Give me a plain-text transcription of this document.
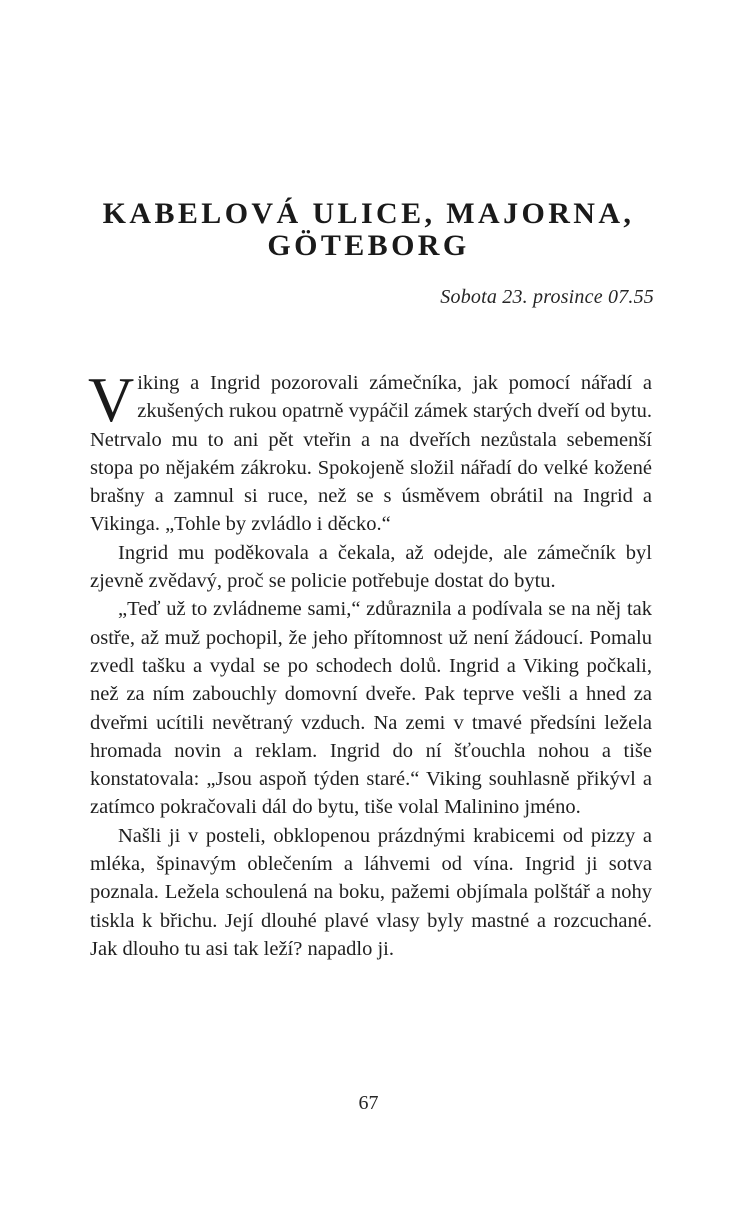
KABELOVÁ ULICE, MAJORNA,
GÖTEBORG
Sobota 23. prosince 07.55

Viking a Ingrid pozorovali zámečníka, jak pomocí nářadí a zkušených rukou opatrně vypáčil zámek starých dveří od bytu. Netrvalo mu to ani pět vteřin a na dveřích nezůstala sebemenší stopa po nějakém zákroku. Spokojeně složil nářadí do velké kožené brašny a zamnul si ruce, než se s úsměvem obrátil na Ingrid a Vikinga. „Tohle by zvládlo i děcko.“

Ingrid mu poděkovala a čekala, až odejde, ale zámečník byl zjevně zvědavý, proč se policie potřebuje dostat do bytu.

„Teď už to zvládneme sami,“ zdůraznila a podívala se na něj tak ostře, až muž pochopil, že jeho přítomnost už není žádoucí. Pomalu zvedl tašku a vydal se po schodech dolů. Ingrid a Viking počkali, než za ním zabouchly domovní dveře. Pak teprve vešli a hned za dveřmi ucítili nevětraný vzduch. Na zemi v tmavé předsíni ležela hromada novin a reklam. Ingrid do ní šťouchla nohou a tiše konstatovala: „Jsou aspoň týden staré.“ Viking souhlasně přikývl a zatímco pokračovali dál do bytu, tiše volal Malinino jméno.

Našli ji v posteli, obklopenou prázdnými krabicemi od pizzy a mléka, špinavým oblečením a láhvemi od vína. Ingrid ji sotva poznala. Ležela schoulená na boku, pažemi objímala polštář a nohy tiskla k břichu. Její dlouhé plavé vlasy byly mastné a rozcuchané. Jak dlouho tu asi tak leží? napadlo ji.

67
